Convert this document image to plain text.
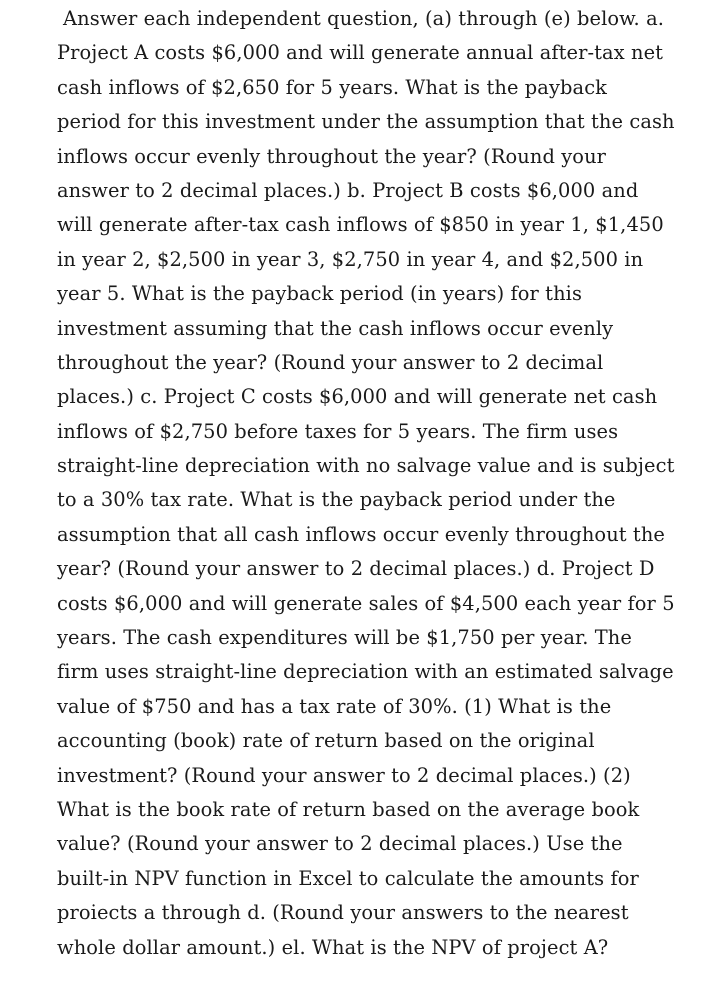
Answer each independent question, (a) through (e) below. a.
Project A costs $6,000 and will generate annual after-tax net
cash inflows of $2,650 for 5 years. What is the payback
period for this investment under the assumption that the cash
inflows occur evenly throughout the year? (Round your
answer to 2 decimal places.) b. Project B costs $6,000 and
will generate after-tax cash inflows of $850 in year 1, $1,450
in year 2, $2,500 in year 3, $2,750 in year 4, and $2,500 in
year 5. What is the payback period (in years) for this
investment assuming that the cash inflows occur evenly
throughout the year? (Round your answer to 2 decimal
places.) c. Project C costs $6,000 and will generate net cash
inflows of $2,750 before taxes for 5 years. The firm uses
straight-line depreciation with no salvage value and is subject
to a 30% tax rate. What is the payback period under the
assumption that all cash inflows occur evenly throughout the
year? (Round your answer to 2 decimal places.) d. Project D
costs $6,000 and will generate sales of $4,500 each year for 5
years. The cash expenditures will be $1,750 per year. The
firm uses straight-line depreciation with an estimated salvage
value of $750 and has a tax rate of 30%. (1) What is the
accounting (book) rate of return based on the original
investment? (Round your answer to 2 decimal places.) (2)
What is the book rate of return based on the average book
value? (Round your answer to 2 decimal places.) Use the
built-in NPV function in Excel to calculate the amounts for
proiects a through d. (Round your answers to the nearest
whole dollar amount.) el. What is the NPV of project A?
